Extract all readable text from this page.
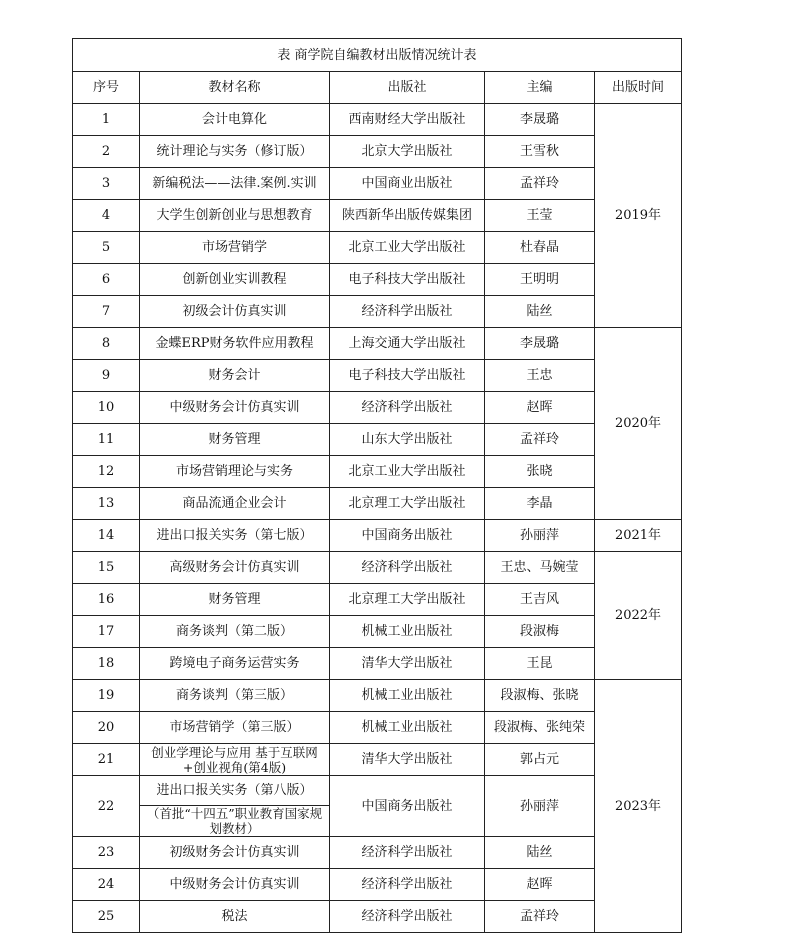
表 商学院自编教材出版情况统计表				
序号	教材名称	出版社	主编	出版时间
1	会计电算化	西南财经大学出版社	李晟璐	2019年
2	统计理论与实务（修订版）	北京大学出版社	王雪秋	
3	新编税法——法律.案例.实训	中国商业出版社	孟祥玲	
4	大学生创新创业与思想教育	陕西新华出版传媒集团	王莹	
5	市场营销学	北京工业大学出版社	杜春晶	
6	创新创业实训教程	电子科技大学出版社	王明明	
7	初级会计仿真实训	经济科学出版社	陆丝	
8	金蝶ERP财务软件应用教程	上海交通大学出版社	李晟璐	2020年
9	财务会计	电子科技大学出版社	王忠	
10	中级财务会计仿真实训	经济科学出版社	赵晖	
11	财务管理	山东大学出版社	孟祥玲	
12	市场营销理论与实务	北京工业大学出版社	张晓	
13	商品流通企业会计	北京理工大学出版社	李晶	
14	进出口报关实务（第七版）	中国商务出版社	孙丽萍	2021年
15	高级财务会计仿真实训	经济科学出版社	王忠、马婉莹	2022年
16	财务管理	北京理工大学出版社	王吉风	
17	商务谈判（第二版）	机械工业出版社	段淑梅	
18	跨境电子商务运营实务	清华大学出版社	王昆	
19	商务谈判（第三版）	机械工业出版社	段淑梅、张晓	2023年
20	市场营销学（第三版）	机械工业出版社	段淑梅、张纯荣	
21	创业学理论与应用 基于互联网+创业视角(第4版)	清华大学出版社	郭占元	
22	进出口报关实务（第八版）	中国商务出版社	孙丽萍	
	（首批“十四五”职业教育国家规划教材）			
23	初级财务会计仿真实训	经济科学出版社	陆丝	
24	中级财务会计仿真实训	经济科学出版社	赵晖	
25	税法	经济科学出版社	孟祥玲	
